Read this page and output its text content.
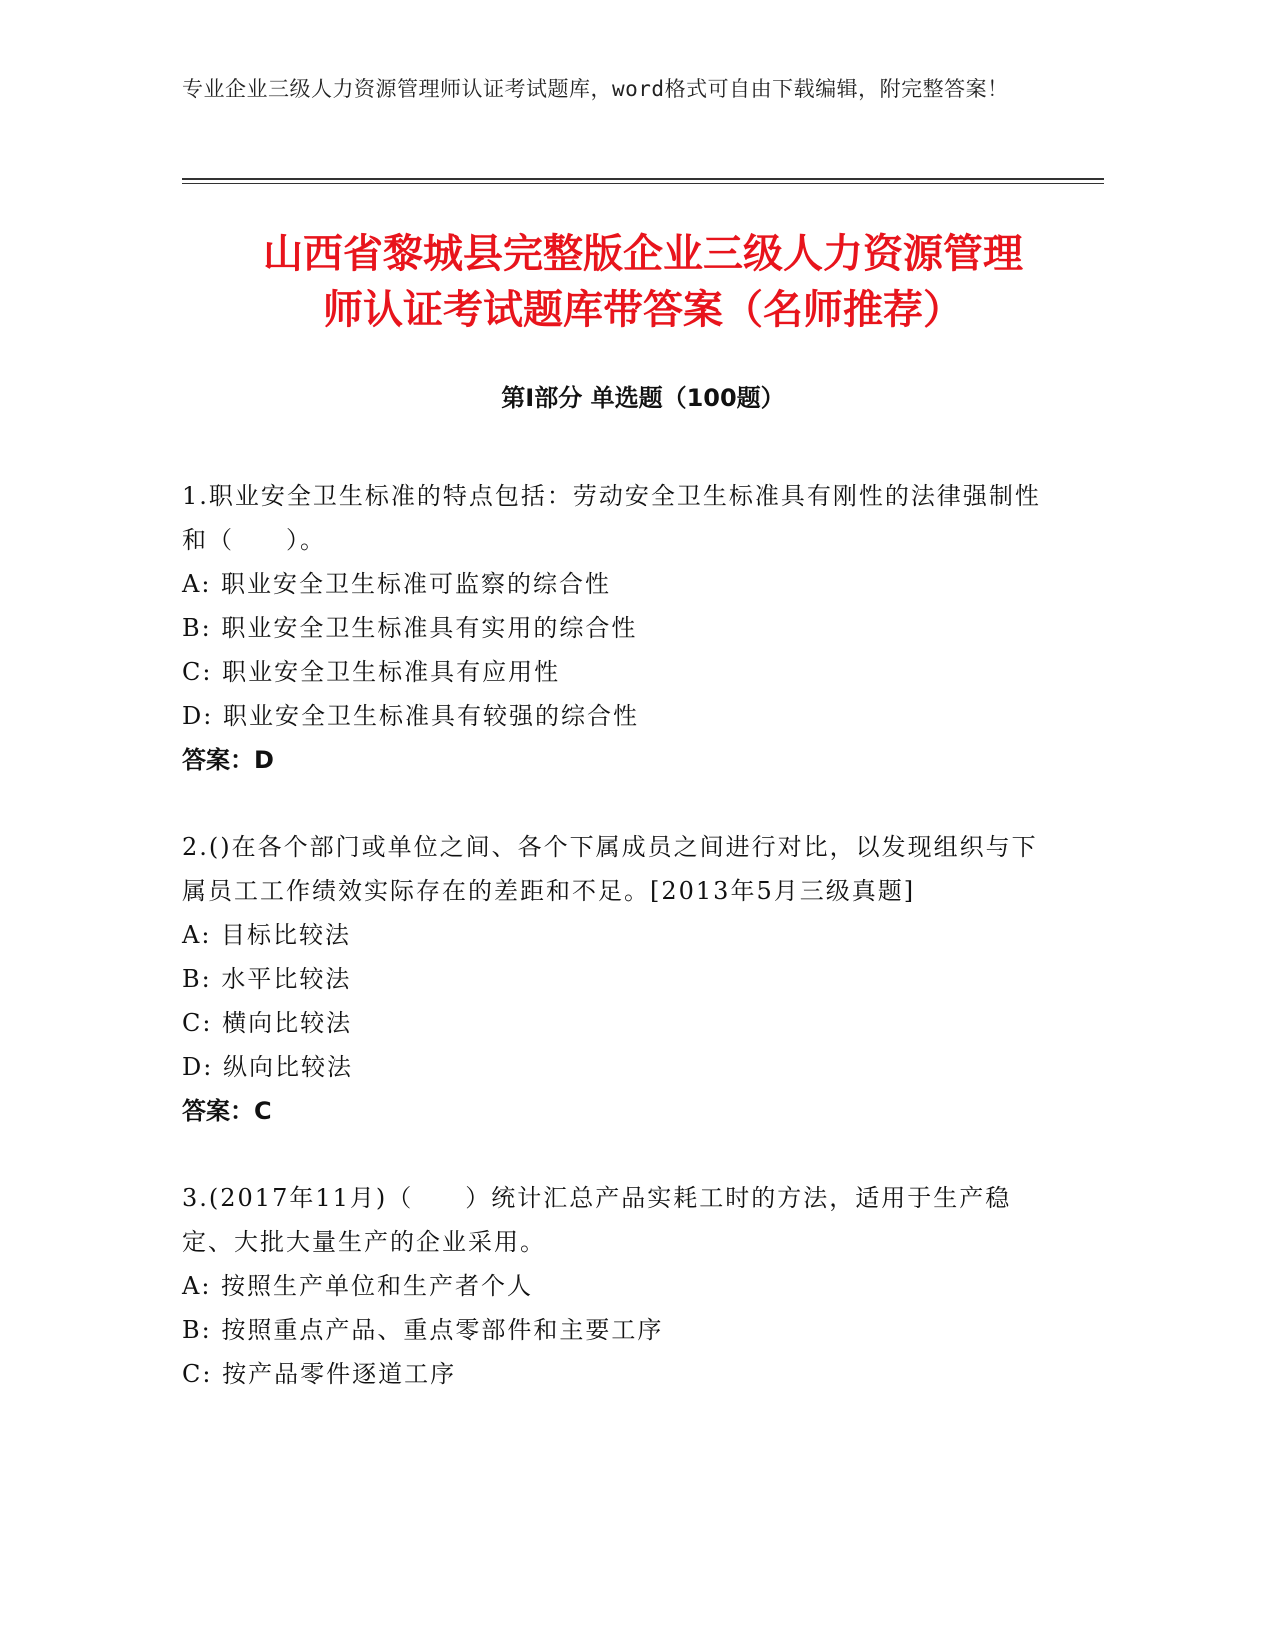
专业企业三级人力资源管理师认证考试题库，word格式可自由下载编辑，附完整答案！
山西省黎城县完整版企业三级人力资源管理
师认证考试题库带答案（名师推荐）
第Ⅰ部分 单选题（100题）
1.职业安全卫生标准的特点包括：劳动安全卫生标准具有刚性的法律强制性和（　　）。
A: 职业安全卫生标准可监察的综合性
B: 职业安全卫生标准具有实用的综合性
C: 职业安全卫生标准具有应用性
D: 职业安全卫生标准具有较强的综合性
答案：D
2.()在各个部门或单位之间、各个下属成员之间进行对比，以发现组织与下属员工工作绩效实际存在的差距和不足。[2013年5月三级真题]
A: 目标比较法
B: 水平比较法
C: 横向比较法
D: 纵向比较法
答案：C
3.(2017年11月)（　　）统计汇总产品实耗工时的方法，适用于生产稳定、大批大量生产的企业采用。
A: 按照生产单位和生产者个人
B: 按照重点产品、重点零部件和主要工序
C: 按产品零件逐道工序
